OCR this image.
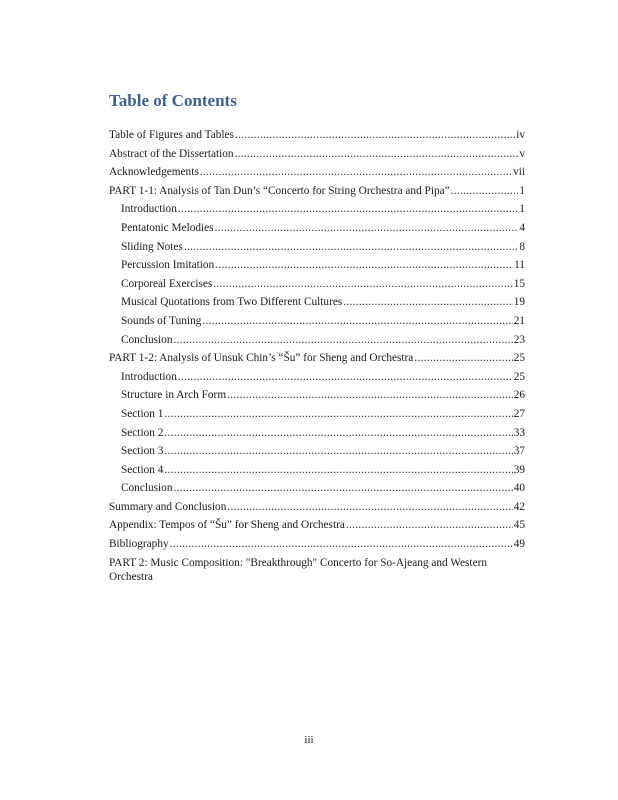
Table of Contents
Table of Figures and Tables .....	iv
Abstract of the Dissertation .....	v
Acknowledgements .....	vii
PART 1-1: Analysis of Tan Dun’s “Concerto for String Orchestra and Pipa” .....	1
Introduction .....	1
Pentatonic Melodies .....	4
Sliding Notes .....	8
Percussion Imitation .....	11
Corporeal Exercises .....	15
Musical Quotations from Two Different Cultures .....	19
Sounds of Tuning .....	21
Conclusion .....	23
PART 1-2: Analysis of Unsuk Chin’s “Šu” for Sheng and Orchestra .....	25
Introduction .....	25
Structure in Arch Form .....	26
Section 1 .....	27
Section 2 .....	33
Section 3 .....	37
Section 4 .....	39
Conclusion .....	40
Summary and Conclusion .....	42
Appendix: Tempos of “Šu” for Sheng and Orchestra .....	45
Bibliography .....	49
PART 2: Music Composition: "Breakthrough" Concerto for So-Ajeang and Western Orchestra
iii
